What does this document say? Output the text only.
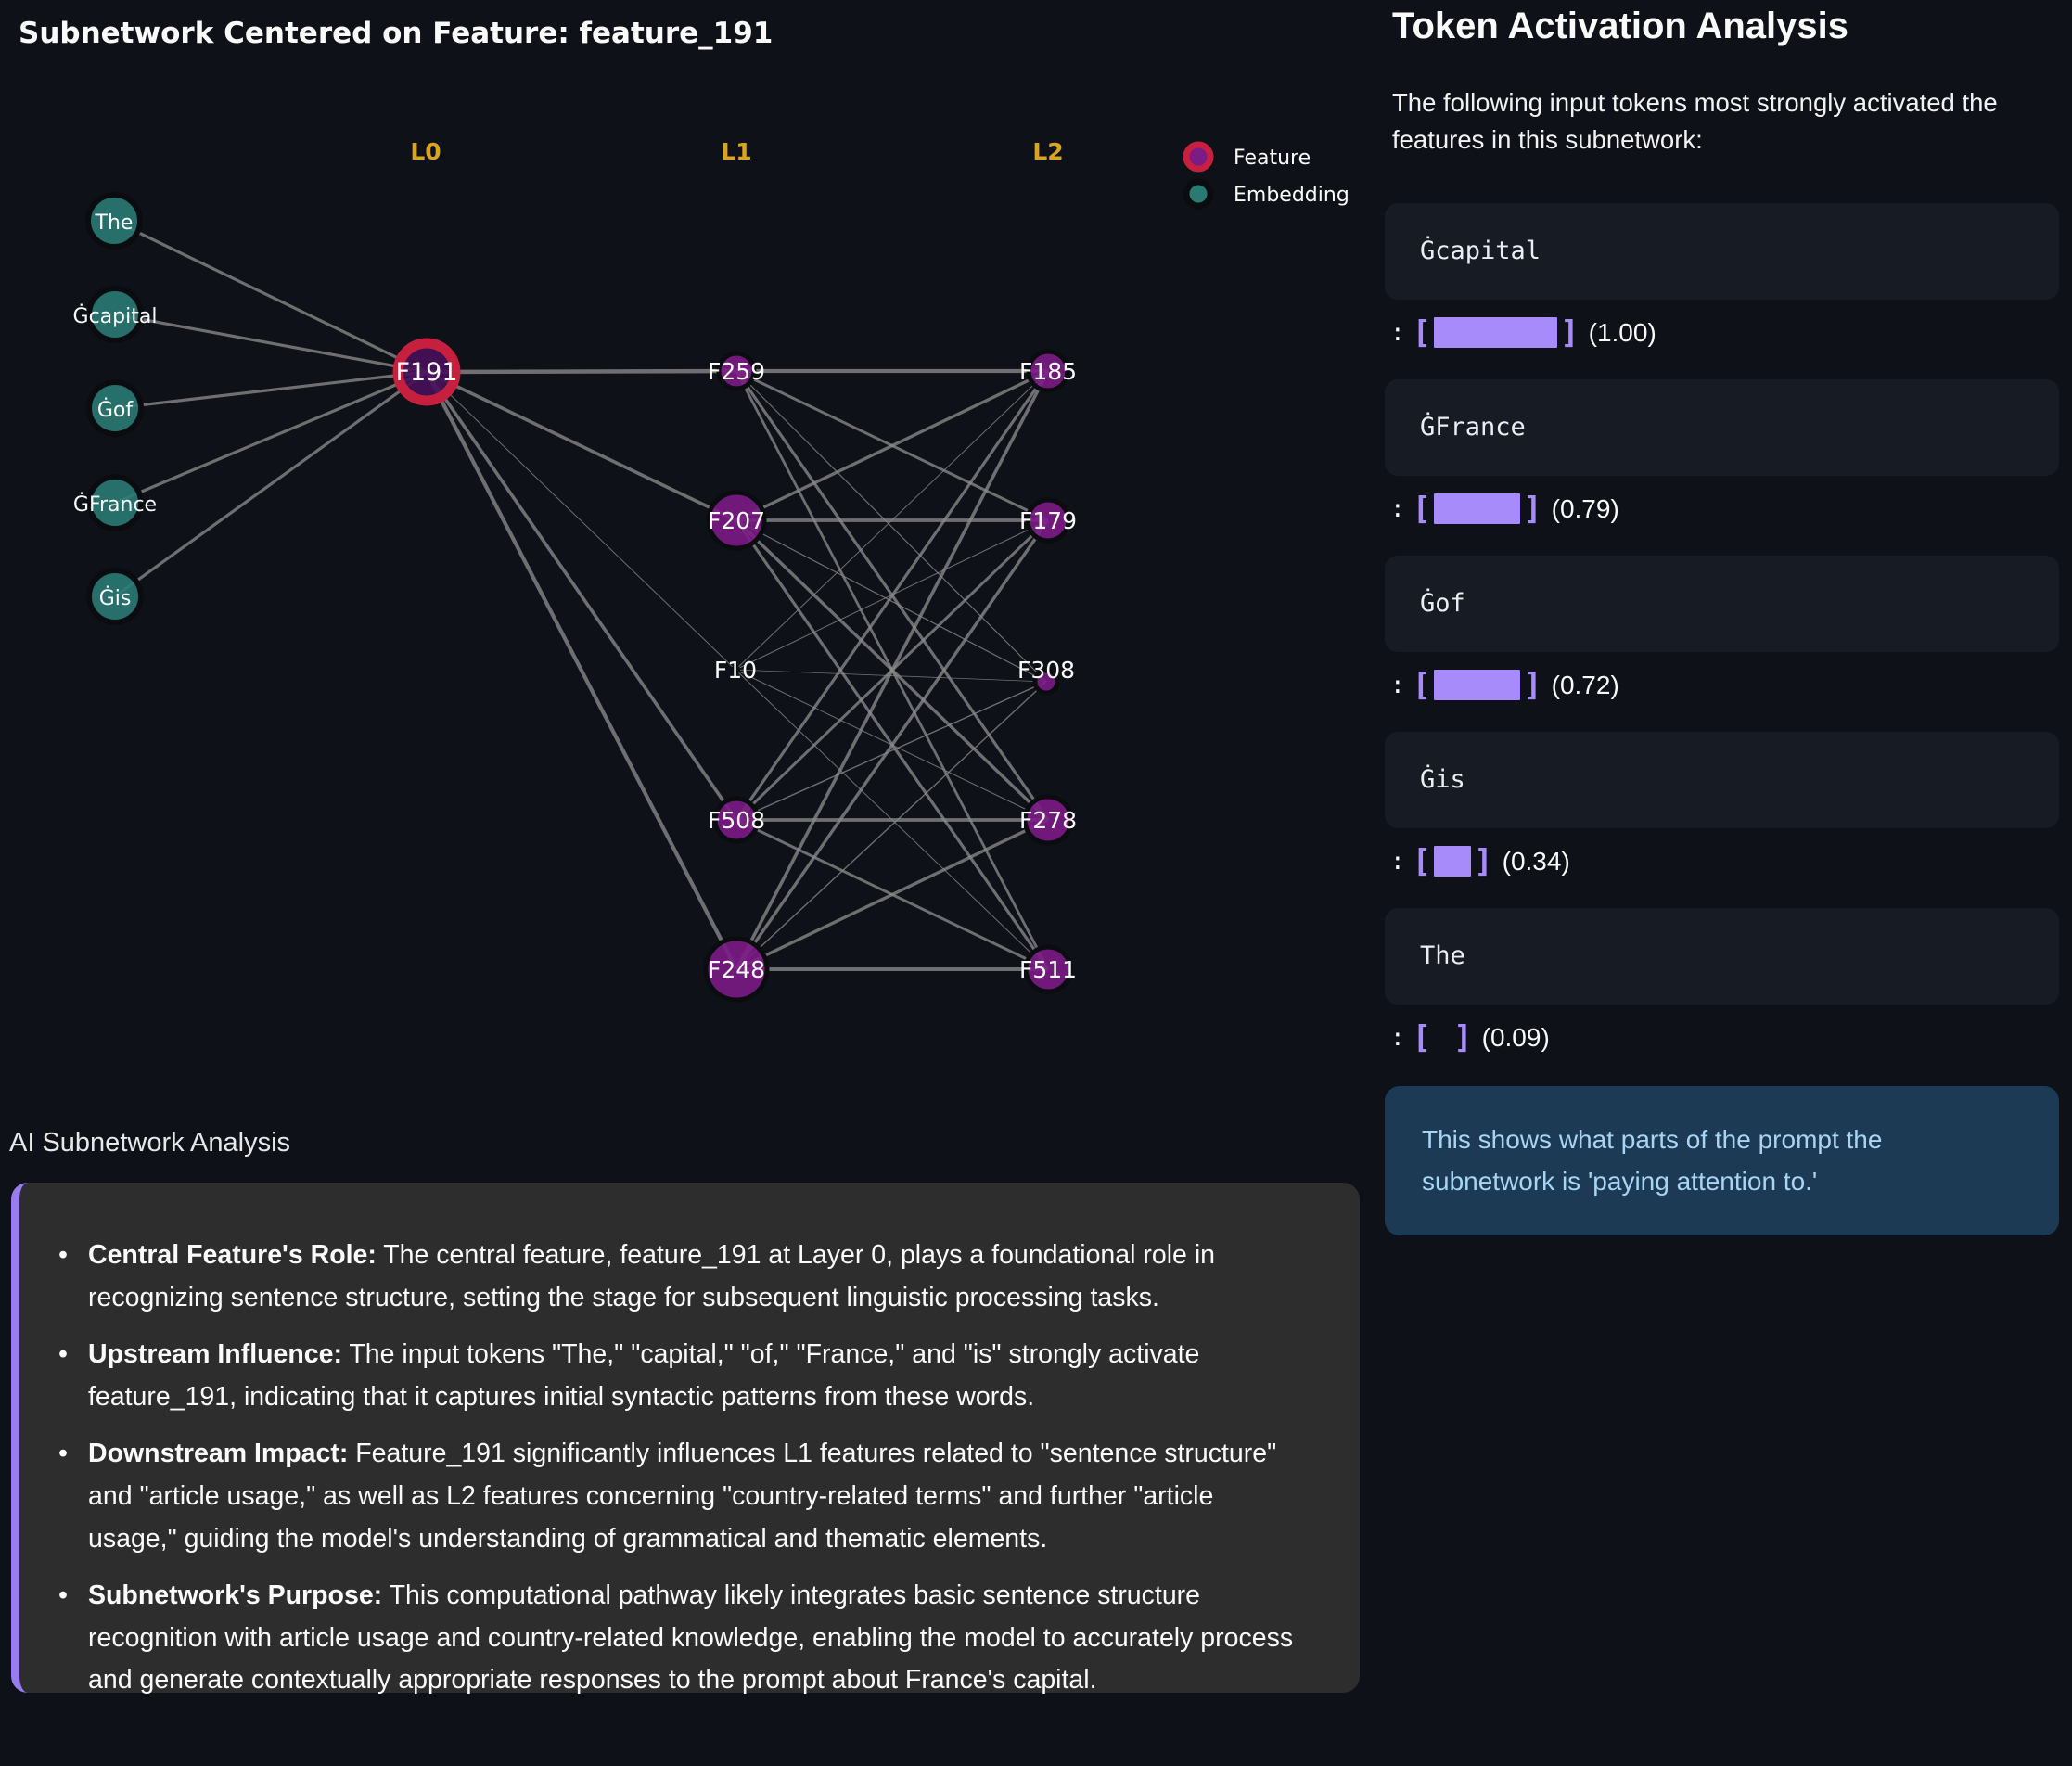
Subnetwork Centered on Feature: feature_191
The
Ġcapital
Ġof
ĠFrance
Ġis
F191	F259
F207
F10
F508
F248
F185
F179
F308
F278
F511
L0	L1	L2	Feature
Embedding
Token Activation Analysis

The following input tokens most strongly activated the features in this subnetwork:

Ġcapital
: [	] (1.00)
ĠFrance
: [	] (0.79)
Ġof
: [	] (0.72)
Ġis
: [ ] (0.34)
The
: [ ] (0.09)
This shows what parts of the prompt the subnetwork is 'paying attention to.'
AI Subnetwork Analysis
• Central Feature's Role: The central feature, feature_191 at Layer 0, plays a foundational role in recognizing sentence structure, setting the stage for subsequent linguistic processing tasks.
• Upstream Influence: The input tokens "The," "capital," "of," "France," and "is" strongly activate feature_191, indicating that it captures initial syntactic patterns from these words.
• Downstream Impact: Feature_191 significantly influences L1 features related to "sentence structure" and "article usage," as well as L2 features concerning "country-related terms" and further "article usage," guiding the model's understanding of grammatical and thematic elements.
• Subnetwork's Purpose: This computational pathway likely integrates basic sentence structure recognition with article usage and country-related knowledge, enabling the model to accurately process and generate contextually appropriate responses to the prompt about France's capital.
